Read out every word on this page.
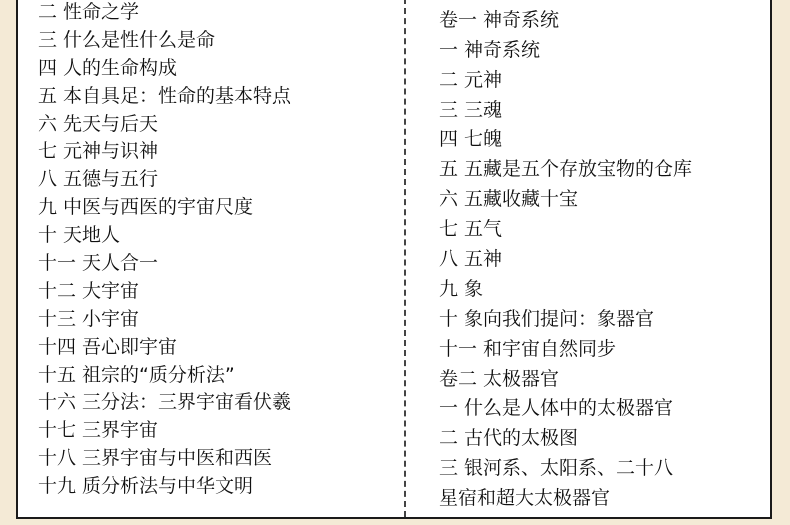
二 性命之学
三 什么是性什么是命
四 人的生命构成
五 本自具足：性命的基本特点
六 先天与后天
七 元神与识神
八 五德与五行
九 中医与西医的宇宙尺度
十 天地人
十一 天人合一
十二 大宇宙
十三 小宇宙
十四 吾心即宇宙
十五 祖宗的“质分析法”
十六 三分法：三界宇宙看伏羲
十七 三界宇宙
十八 三界宇宙与中医和西医
十九 质分析法与中华文明
卷一 神奇系统
一 神奇系统
二 元神
三 三魂
四 七魄
五 五藏是五个存放宝物的仓库
六 五藏收藏十宝
七 五气
八 五神
九 象
十 象向我们提问：象器官
十一 和宇宙自然同步
卷二 太极器官
一 什么是人体中的太极器官
二 古代的太极图
三 银河系、太阳系、二十八
星宿和超大太极器官
